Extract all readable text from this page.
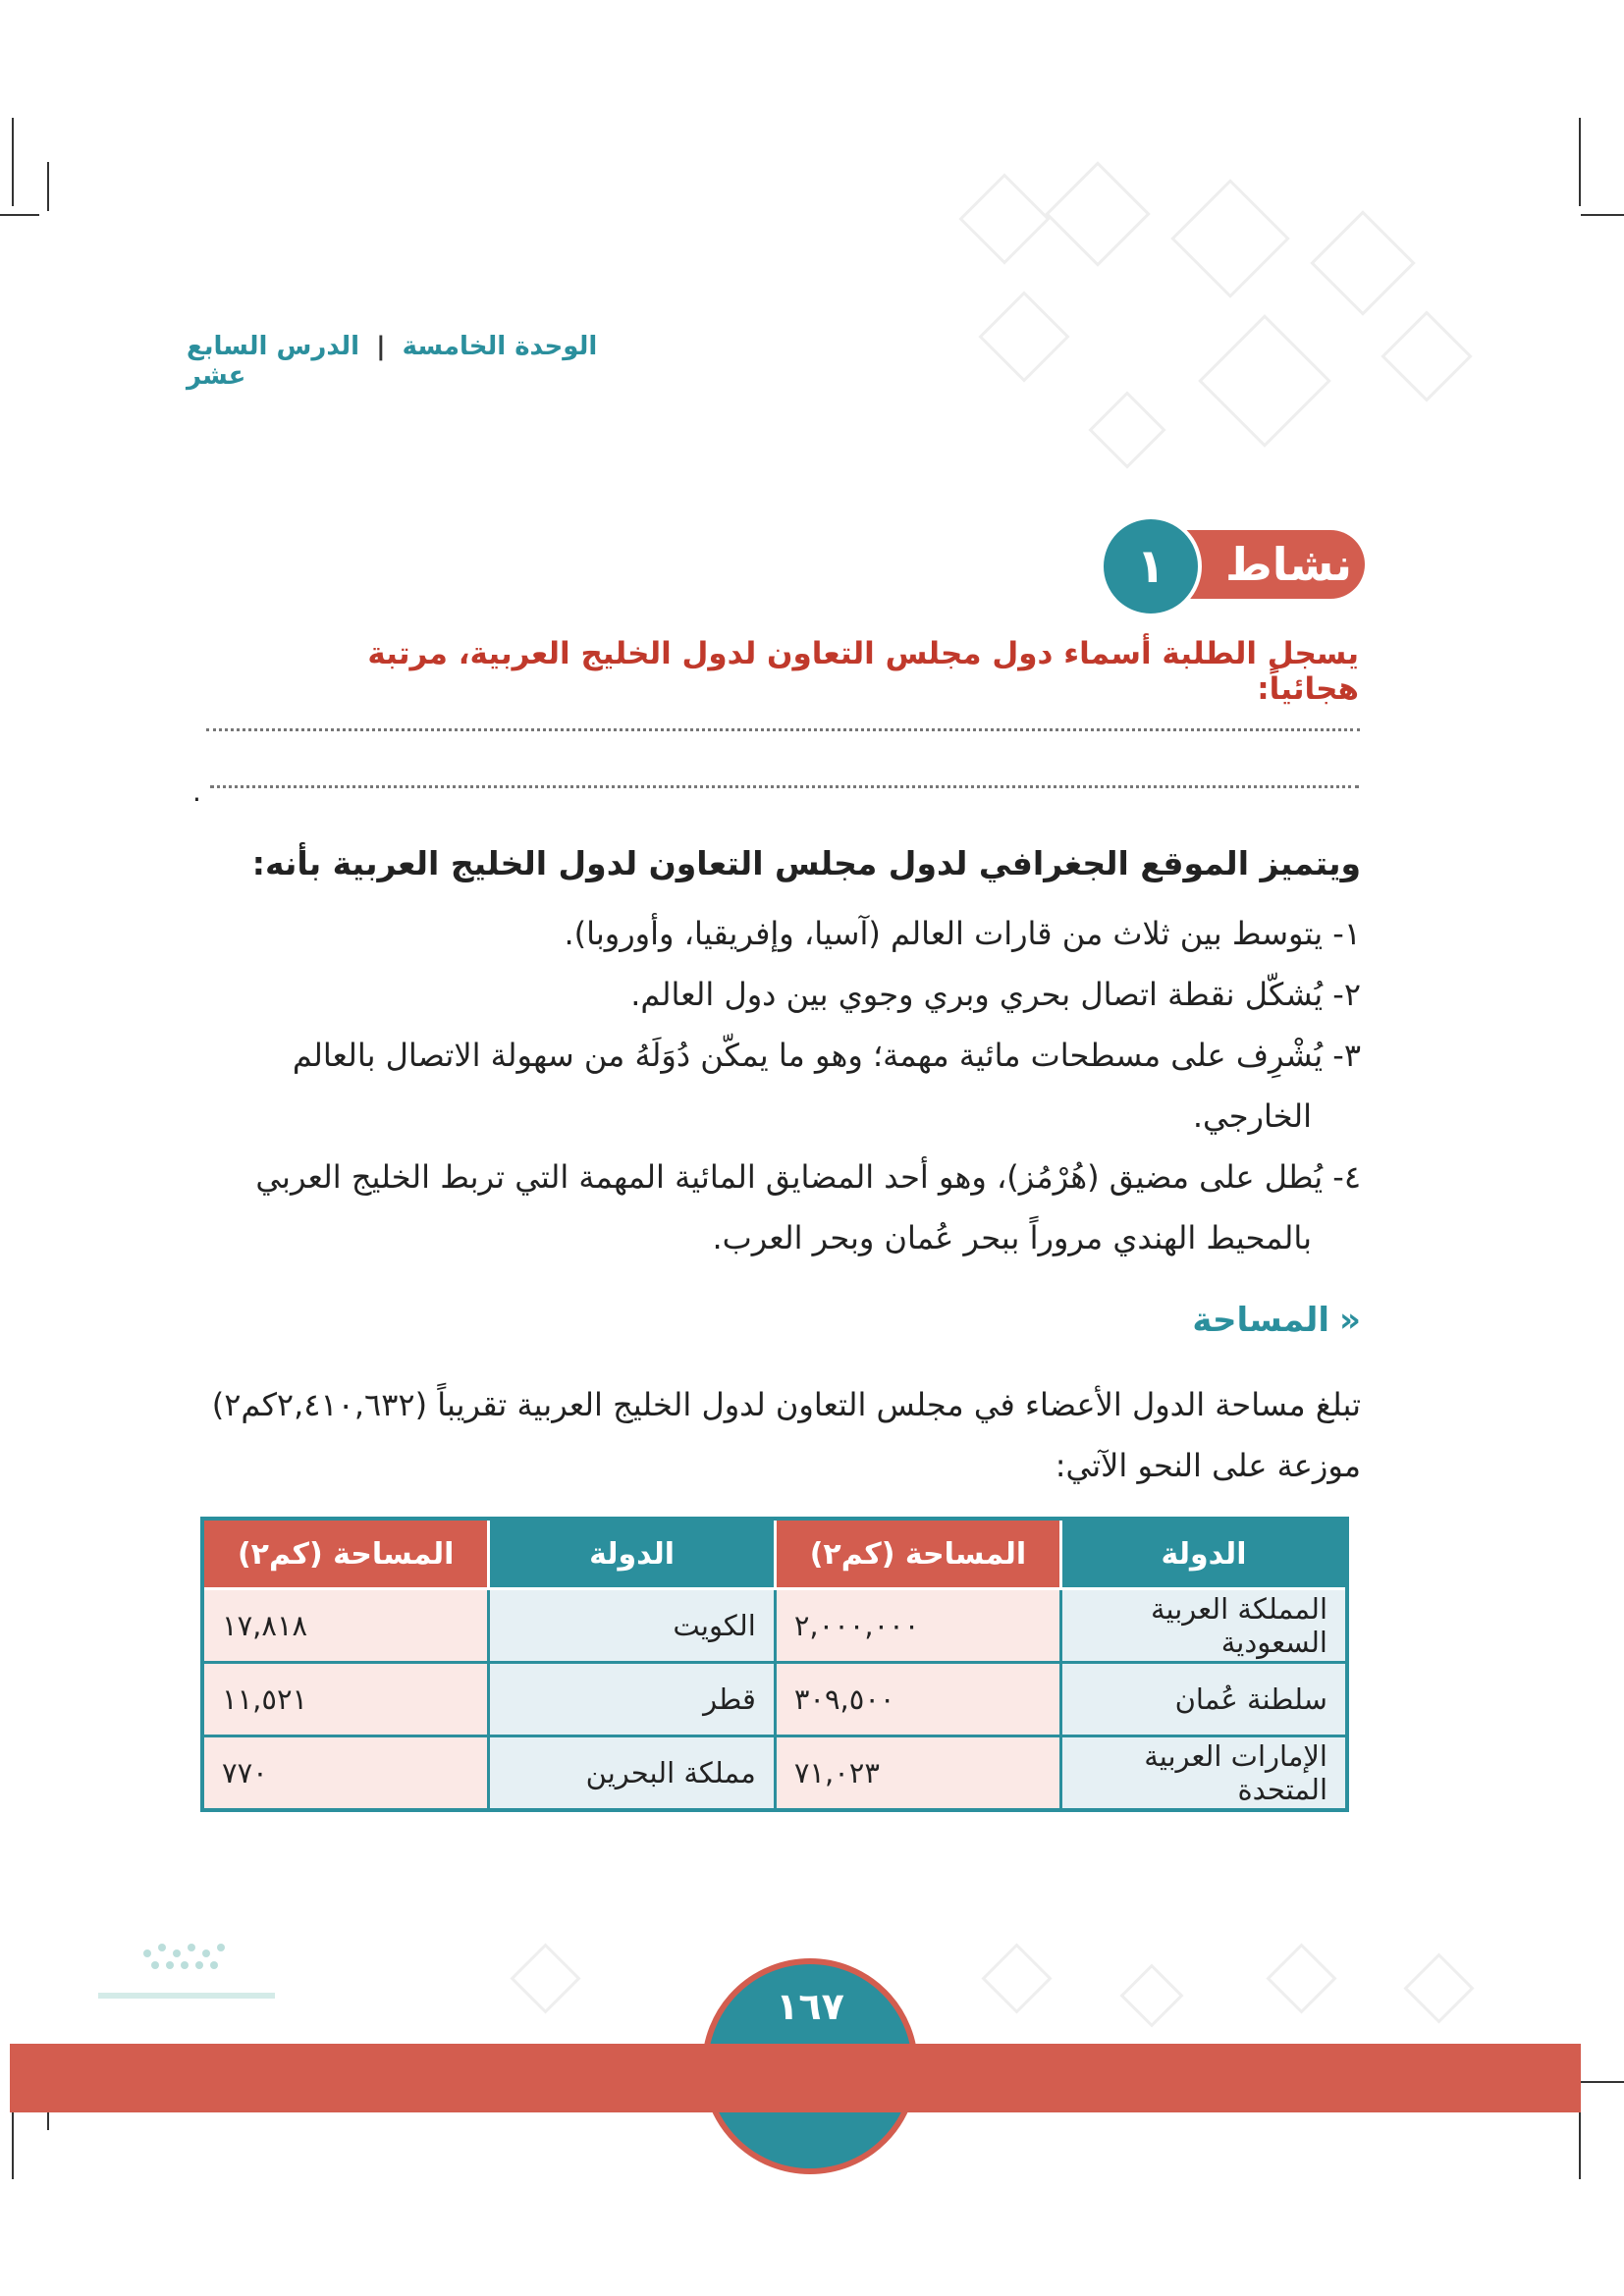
الوحدة الخامسة | الدرس السابع عشر
نشاط
١
يسجل الطلبة أسماء دول مجلس التعاون لدول الخليج العربية، مرتبة هجائياً:
.
ويتميز الموقع الجغرافي لدول مجلس التعاون لدول الخليج العربية بأنه:
١- يتوسط بين ثلاث من قارات العالم (آسيا، وإفريقيا، وأوروبا).
٢- يُشكّل نقطة اتصال بحري وبري وجوي بين دول العالم.
٣- يُشْرِف على مسطحات مائية مهمة؛ وهو ما يمكّن دُوَلَهُ من سهولة الاتصال بالعالم
الخارجي.
٤- يُطل على مضيق (هُرْمُز)، وهو أحد المضايق المائية المهمة التي تربط الخليج العربي
بالمحيط الهندي مروراً ببحر عُمان وبحر العرب.
«
المساحة
تبلغ مساحة الدول الأعضاء في مجلس التعاون لدول الخليج العربية تقريباً (٢,٤١٠,٦٣٢كم٢)
موزعة على النحو الآتي:
الدولة	المساحة (كم٢)	الدولة	المساحة (كم٢)
المملكة العربية السعودية	٢,٠٠٠,٠٠٠	الكويت	١٧,٨١٨
سلطنة عُمان	٣٠٩,٥٠٠	قطر	١١,٥٢١
الإمارات العربية المتحدة	٧١,٠٢٣	مملكة البحرين	٧٧٠
١٦٧
